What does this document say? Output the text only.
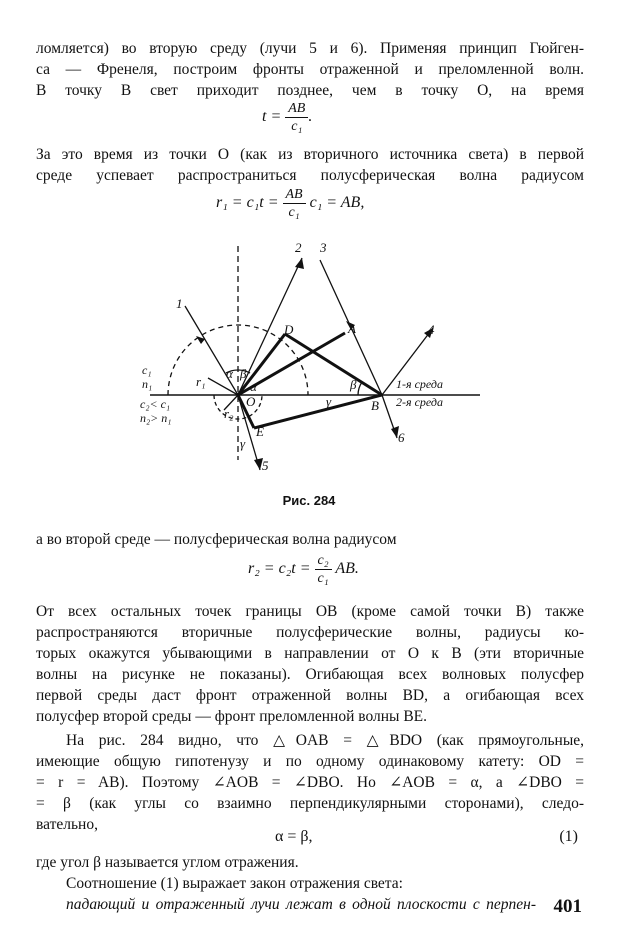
ломляется) во вторую среду (лучи 5 и 6). Применяя принцип Гюйген-
са — Френеля, построим фронты отраженной и преломленной волн.
В точку B свет приходит позднее, чем в точку O, на время
$t = \frac{AB}{\text{c₁}}$ .
За это время из точки O (как из вторичного источника света) в первой
среде успевает распространиться полусферическая волна радиусом
$r_1 = c_1t = \frac{AB}{\text{c₁}} c_1$ = AB,
1
2 3
4
5
6
A
D
B
E
O
α β
α	β
γ
γ
r₁
r₂
c₁
n₁
c₂< c₁
n₂> n₁
1-я среда
2-я среда
Рис. 284
а во второй среде — полусферическая волна радиусом
$r_2 = c_2t = \frac{\text{c₂}}{\text{c₁}}$ AB.
От всех остальных точек границы OB (кроме самой точки B) также
распространяются вторичные полусферические волны, радиусы ко-
торых окажутся убывающими в направлении от O к B (эти вторичные
волны на рисунке не показаны). Огибающая всех волновых полусфер
первой среды даст фронт отраженной волны BD, а огибающая всех
полусфер второй среды — фронт преломленной волны BE.
На рис. 284 видно, что △OAB = △BDO (как прямоугольные,
имеющие общую гипотенузу и по одному одинаковому катету: OD =
= r = AB). Поэтому ∠AOB = ∠DBO. Но ∠AOB = α, а ∠DBO =
= β (как углы со взаимно перпендикулярными сторонами), следо-
вательно,
α = β,	(1)
где угол β называется углом отражения.
Соотношение (1) выражает закон отражения света:
падающий и отраженный лучи лежат в одной плоскости с перпен- 401
